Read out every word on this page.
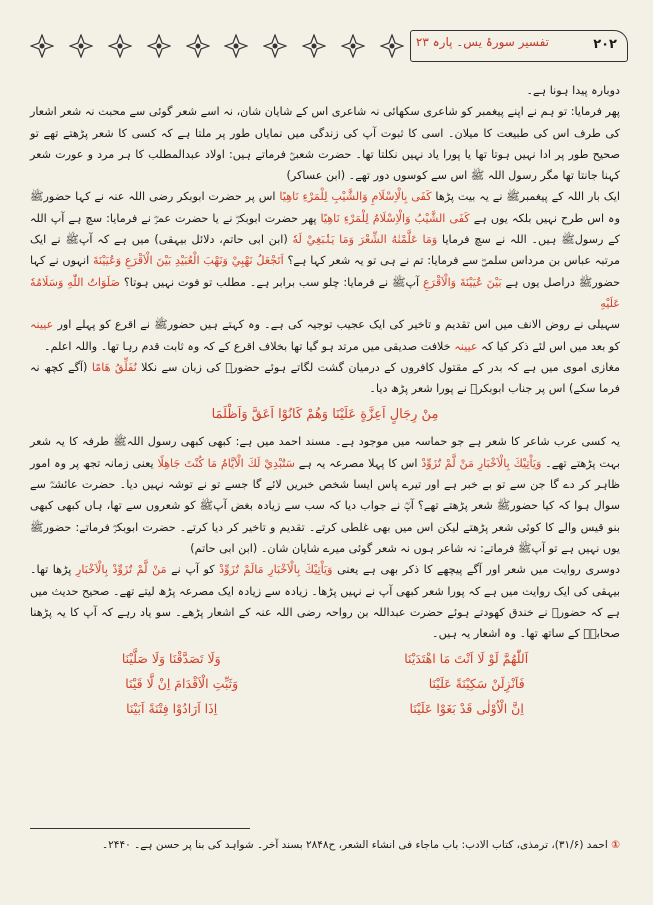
تفسیر سورۂ یس۔ پارہ ۲۳	۲۰۲

دوبارہ پیدا ہونا ہے۔

پھر فرمایا: تو ہم نے اپنے پیغمبر کو شاعری سکھائی نہ شاعری اس کے شایان شان، نہ اسے شعر گوئی سے محبت نہ شعر اشعار کی طرف اس کی طبیعت کا میلان۔ اسی کا ثبوت آپ کی زندگی میں نمایاں طور پر ملتا ہے کہ کسی کا شعر پڑھتے تھے تو صحیح طور پر ادا نہیں ہوتا تھا یا پورا یاد نہیں نکلتا تھا۔ حضرت شعبیؒ فرماتے ہیں: اولاد عبدالمطلب کا ہر مرد و عورت شعر کہنا جانتا تھا مگر رسول اللہ ﷺ اس سے کوسوں دور تھے۔ (ابن عساکر)

ایک بار اللہ کے پیغمبرﷺ نے یہ بیت پڑھا كَفَى بِالْاِسْلَامِ وَالشَّيْبِ لِلْمَرْءِ نَاهِيًا اس پر حضرت ابوبکر رضی اللہ عنہ نے کہا حضورﷺ وہ اس طرح نہیں بلکہ یوں ہے كَفَى الشَّيْبُ وَالْاِسْلَامُ لِلْمَرْءِ نَاهِيًا پھر حضرت ابوبکرؓ نے یا حضرت عمرؓ نے فرمایا: سچ ہے آپ اللہ کے رسولﷺ ہیں۔ اللہ نے سچ فرمایا وَمَا عَلَّمْنٰهُ الشِّعْرَ وَمَا يَنْۢبَغِيْ لَهٗ (ابن ابی حاتم، دلائل بیہقی) میں ہے کہ آپﷺ نے ایک مرتبہ عباس بن مرداس سلمیؓ سے فرمایا: تم نے ہی تو یہ شعر کہا ہے؟ اَتَجْعَلُ نَهْبِيْ وَنَهْبَ الْعُبَيْدِ بَيْنَ الْاَقْرَعِ وَعُيَيْنَةَ انہوں نے کہا حضورﷺ دراصل یوں ہے بَيْنَ عُيَيْنَةَ وَالْاَقْرَعِ آپﷺ نے فرمایا: چلو سب برابر ہے۔ مطلب تو فوت نہیں ہوتا؟ صَلَوَاتُ اللّٰهِ وَسَلَامُهٗ عَلَيْهِ

سہیلی نے روض الانف میں اس تقدیم و تاخیر کی ایک عجیب توجیہ کی ہے۔ وہ کہتے ہیں حضورﷺ نے اقرع کو پہلے اور عیینہ کو بعد میں اس لئے ذکر کیا کہ عیینہ خلافت صدیقی میں مرتد ہو گیا تھا بخلاف اقرع کے کہ وہ ثابت قدم رہا تھا۔ واللہ اعلم۔

مغازی اموی میں ہے کہ بدر کے مقتول کافروں کے درمیان گشت لگاتے ہوئے حضورﷺ کی زبان سے نکلا نُفَلِّقُ هَامًا (آگے کچھ نہ فرما سکے) اس پر جناب ابوبکرؓ نے پورا شعر پڑھ دیا۔

مِنْ رِجَالٍ اَعِزَّةٍ عَلَيْنَا وَهُمْ كَانُوْا اَعَقَّ وَاَظْلَمَا

یہ کسی عرب شاعر کا شعر ہے جو حماسہ میں موجود ہے۔ مسند احمد میں ہے: کبھی کبھی رسول اللہﷺ طرفہ کا یہ شعر بہت پڑھتے تھے۔ وَيَاْتِيْكَ بِالْاَخْبَارِ مَنْ لَّمْ تُزَوِّدْ اس کا پہلا مصرعہ یہ ہے سَتُبْدِيْ لَكَ الْاَيَّامُ مَا كُنْتَ جَاهِلًا یعنی زمانہ تجھ پر وہ امور ظاہر کر دے گا جن سے تو بے خبر ہے اور تیرے پاس ایسا شخص خبریں لائے گا جسے تو نے توشہ نہیں دیا۔ حضرت عائشہؓ سے سوال ہوا کہ کیا حضورﷺ شعر پڑھتے تھے؟ آپؓ نے جواب دیا کہ سب سے زیادہ بغض آپﷺ کو شعروں سے تھا، ہاں کبھی کبھی بنو قیس والے کا کوئی شعر پڑھتے لیکن اس میں بھی غلطی کرتے۔ تقدیم و تاخیر کر دیا کرتے۔ حضرت ابوبکرؓ فرماتے: حضورﷺ یوں نہیں ہے تو آپﷺ فرماتے: نہ شاعر ہوں نہ شعر گوئی میرے شایان شان۔ (ابن ابی حاتم)

دوسری روایت میں شعر اور آگے پیچھے کا ذکر بھی ہے یعنی وَيَاْتِيْكَ بِالْاَخْبَارِ مَالَمْ تُزَوِّدْ کو آپ نے مَنْ لَّمْ تُزَوِّدْ بِالْاَخْبَارِ پڑھا تھا۔ بیہقی کی ایک روایت میں ہے کہ پورا شعر کبھی آپ نے نہیں پڑھا۔ زیادہ سے زیادہ ایک مصرعہ پڑھ لیتے تھے۔ صحیح حدیث میں ہے کہ حضورﷺ نے خندق کھودتے ہوئے حضرت عبداللہ بن رواحہ رضی اللہ عنہ کے اشعار پڑھے۔ سو یاد رہے کہ آپ کا یہ پڑھنا صحابہؓ کے ساتھ تھا۔ وہ اشعار یہ ہیں۔

اَللّٰهُمَّ لَوْ لَا اَنْتَ مَا اهْتَدَيْنَا
وَلَا تَصَدَّقْنَا وَلَا صَلَّيْنَا
فَاَنْزِلَنْ سَكِيْنَةً عَلَيْنَا
وَثَبِّتِ الْاَقْدَامَ اِنْ لَّا قَيْنَا
اِنَّ الْاُوْلٰى قَدْ بَغَوْا عَلَيْنَا
اِذَا اَرَادُوْا فِتْنَةً اَبَيْنَا
① احمد (۳۱/۶)، ترمذی، کتاب الادب: باب ماجاء فی انشاء الشعر، ح۲۸۴۸ بسند آخر۔ شواہد کی بنا پر حسن ہے۔ ۲۴۴۰۔
